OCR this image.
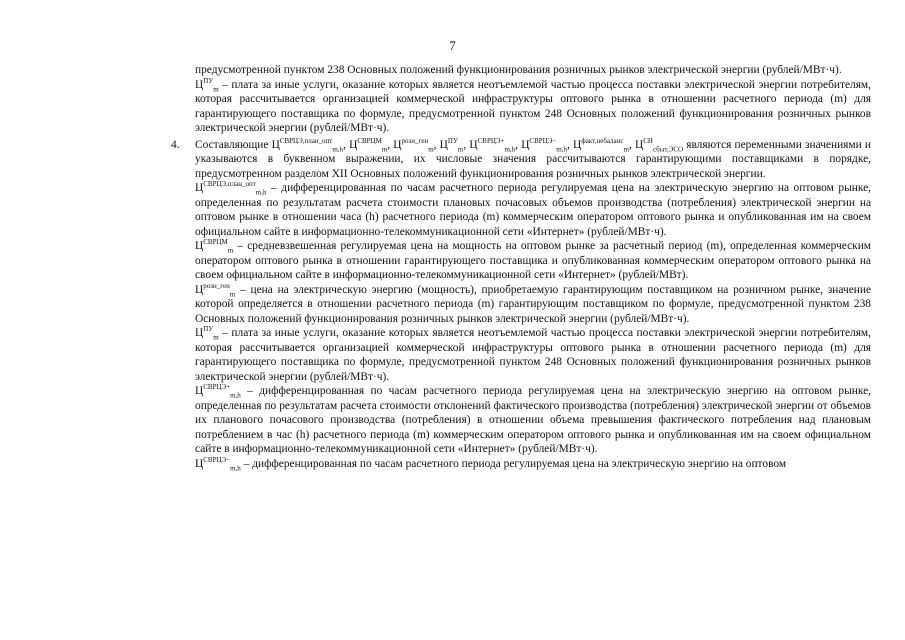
7

предусмотренной пунктом 238 Основных положений функционирования розничных рынков электрической энергии (рублей/МВт·ч).

$Ц^{ПУ}_m$ – плата за иные услуги, оказание которых является неотъемлемой частью процесса поставки электрической энергии потребителям, которая рассчитывается организацией коммерческой инфраструктуры оптового рынка в отношении расчетного периода (m) для гарантирующего поставщика по формуле, предусмотренной пунктом 248 Основных положений функционирования розничных рынков электрической энергии (рублей/МВт·ч).

4. Составляющие $Ц^{СВРЦЭ,план\_опт}_{m,h}$, $Ц^{СВРЦМ}_m$, $Ц^{розн\_ген}_m$, $Ц^{ПУ}_m$, $Ц^{СВРЦЭ+}_{m,h}$, $Ц^{СВРЦЭ-}_{m,h}$, $Ц^{факт,небаланс}_m$, $Ц^{СН}_{сбыт,ЭСО}$ являются переменными значениями и указываются в буквенном выражении, их числовые значения рассчитываются гарантирующими поставщиками в порядке, предусмотренном разделом XII Основных положений функционирования розничных рынков электрической энергии.

$Ц^{СВРЦЭ,план\_опт}_{m,h}$ – дифференцированная по часам расчетного периода регулируемая цена на электрическую энергию на оптовом рынке, определенная по результатам расчета стоимости плановых почасовых объемов производства (потребления) электрической энергии на оптовом рынке в отношении часа (h) расчетного периода (m) коммерческим оператором оптового рынка и опубликованная им на своем официальном сайте в информационно-телекоммуникационной сети «Интернет» (рублей/МВт·ч).

$Ц^{СВРЦМ}_m$ – средневзвешенная регулируемая цена на мощность на оптовом рынке за расчетный период (m), определенная коммерческим оператором оптового рынка в отношении гарантирующего поставщика и опубликованная коммерческим оператором оптового рынка на своем официальном сайте в информационно-телекоммуникационной сети «Интернет» (рублей/МВт).

$Ц^{розн\_ген}_m$ – цена на электрическую энергию (мощность), приобретаемую гарантирующим поставщиком на розничном рынке, значение которой определяется в отношении расчетного периода (m) гарантирующим поставщиком по формуле, предусмотренной пунктом 238 Основных положений функционирования розничных рынков электрической энергии (рублей/МВт·ч).

$Ц^{ПУ}_m$ – плата за иные услуги, оказание которых является неотъемлемой частью процесса поставки электрической энергии потребителям, которая рассчитывается организацией коммерческой инфраструктуры оптового рынка в отношении расчетного периода (m) для гарантирующего поставщика по формуле, предусмотренной пунктом 248 Основных положений функционирования розничных рынков электрической энергии (рублей/МВт·ч).

$Ц^{СВРЦЭ+}_{m,h}$ – дифференцированная по часам расчетного периода регулируемая цена на электрическую энергию на оптовом рынке, определенная по результатам расчета стоимости отклонений фактического производства (потребления) электрической энергии от объемов их планового почасового производства (потребления) в отношении объема превышения фактического потребления над плановым потреблением в час (h) расчетного периода (m) коммерческим оператором оптового рынка и опубликованная им на своем официальном сайте в информационно-телекоммуникационной сети «Интернет» (рублей/МВт·ч).

$Ц^{СВРЦЭ-}_{m,h}$ – дифференцированная по часам расчетного периода регулируемая цена на электрическую энергию на оптовом
